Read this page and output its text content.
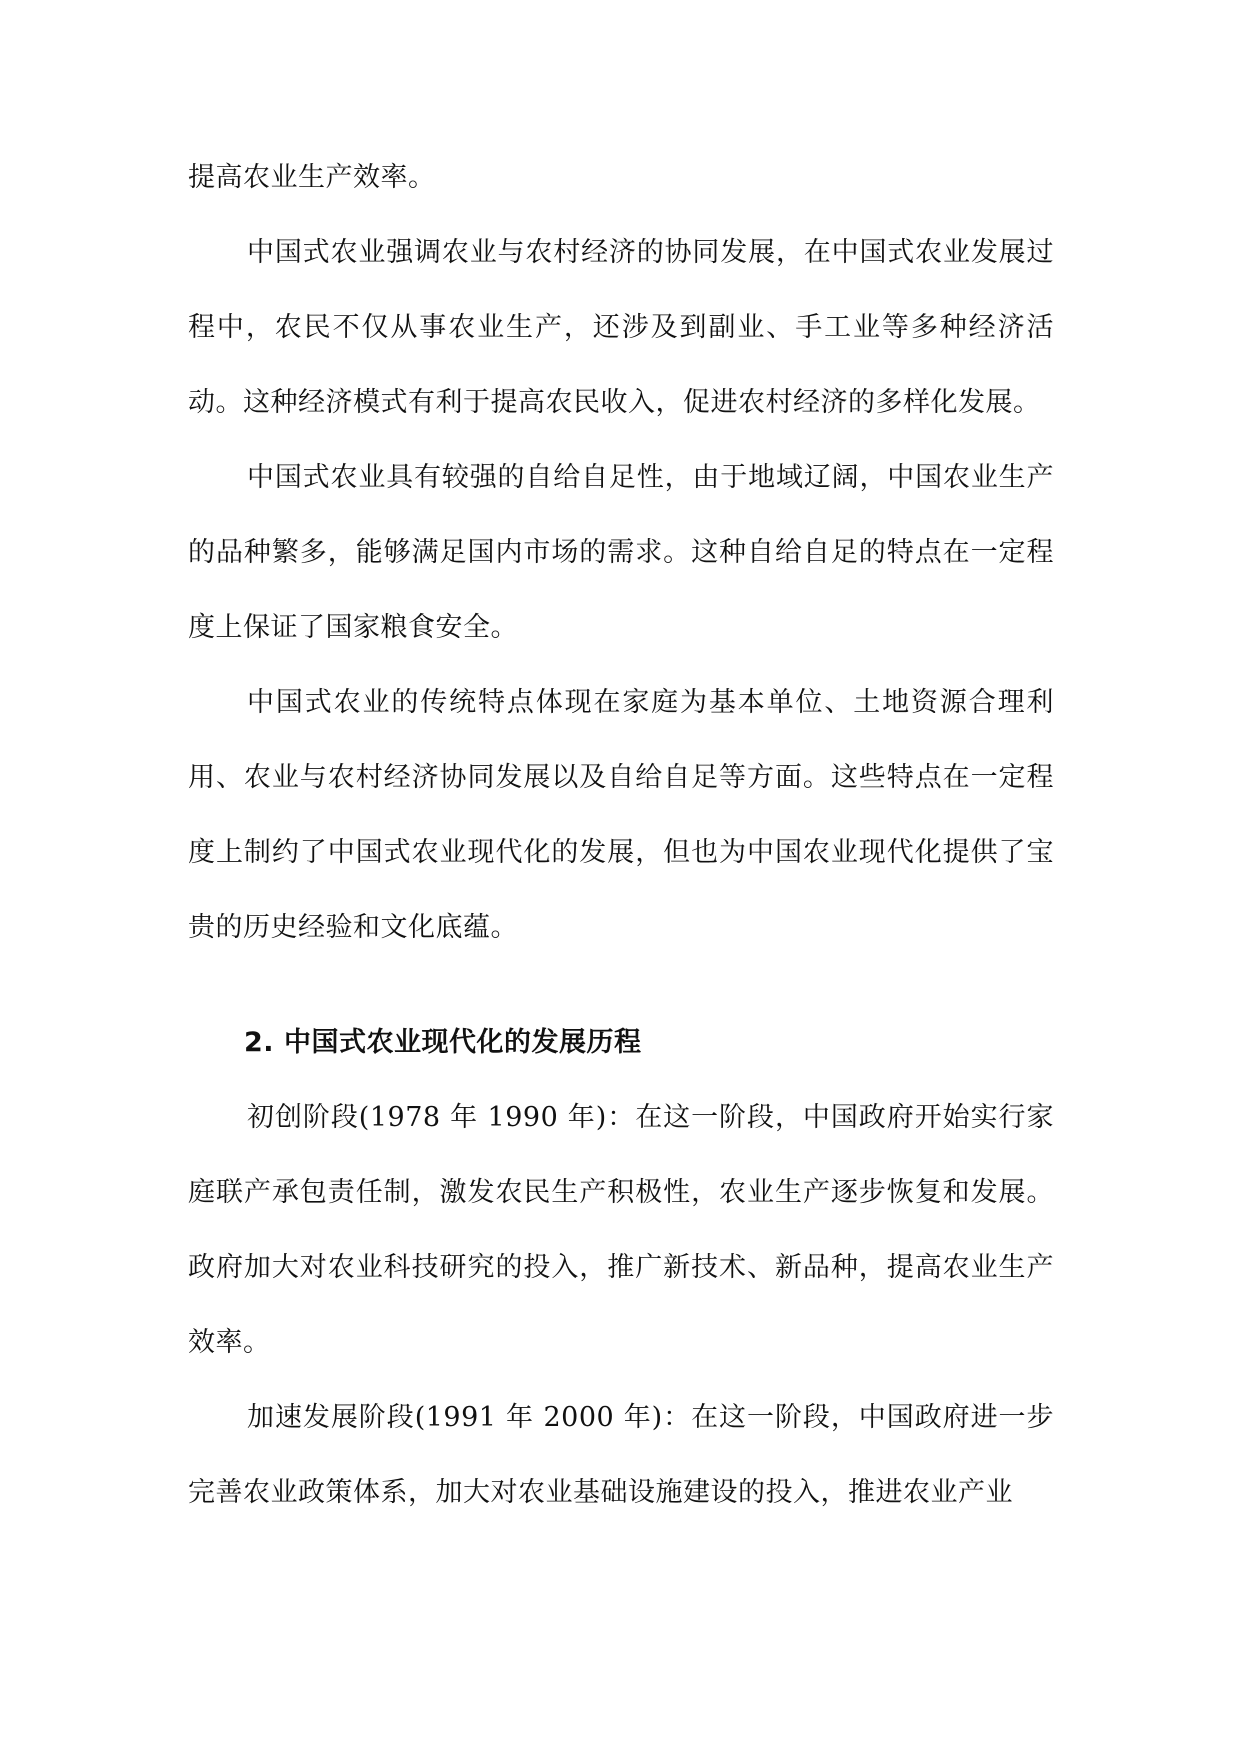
提高农业生产效率。

中国式农业强调农业与农村经济的协同发展，在中国式农业发展过程中，农民不仅从事农业生产，还涉及到副业、手工业等多种经济活动。这种经济模式有利于提高农民收入，促进农村经济的多样化发展。

中国式农业具有较强的自给自足性，由于地域辽阔，中国农业生产的品种繁多，能够满足国内市场的需求。这种自给自足的特点在一定程度上保证了国家粮食安全。

中国式农业的传统特点体现在家庭为基本单位、土地资源合理利用、农业与农村经济协同发展以及自给自足等方面。这些特点在一定程度上制约了中国式农业现代化的发展，但也为中国农业现代化提供了宝贵的历史经验和文化底蕴。

2. 中国式农业现代化的发展历程

初创阶段(1978 年 1990 年)：在这一阶段，中国政府开始实行家庭联产承包责任制，激发农民生产积极性，农业生产逐步恢复和发展。政府加大对农业科技研究的投入，推广新技术、新品种，提高农业生产效率。

加速发展阶段(1991 年 2000 年)：在这一阶段，中国政府进一步完善农业政策体系，加大对农业基础设施建设的投入，推进农业产业
